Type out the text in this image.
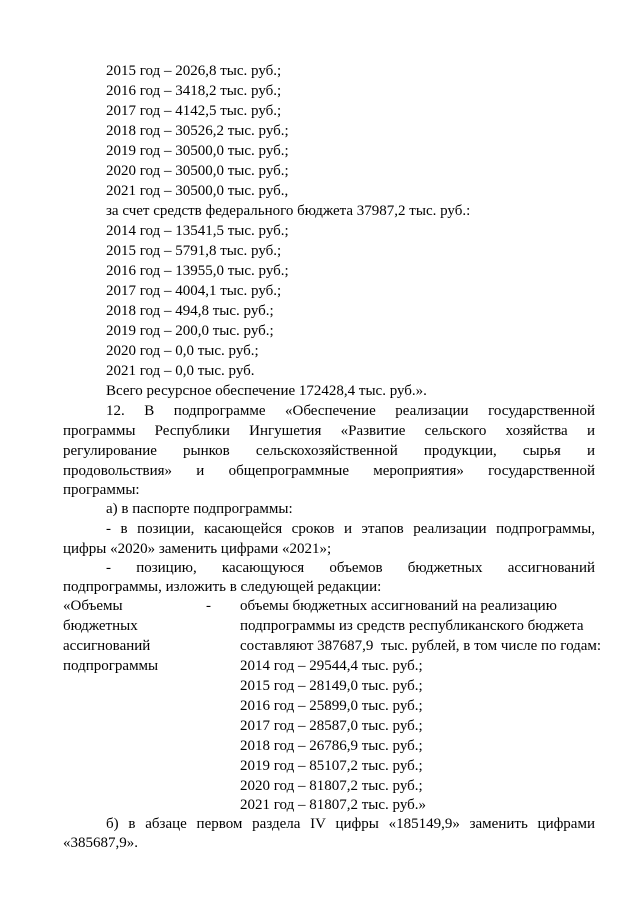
2015 год – 2026,8 тыс. руб.;
2016 год – 3418,2 тыс. руб.;
2017 год – 4142,5 тыс. руб.;
2018 год – 30526,2 тыс. руб.;
2019 год – 30500,0 тыс. руб.;
2020 год – 30500,0 тыс. руб.;
2021 год – 30500,0 тыс. руб.,
за счет средств федерального бюджета 37987,2 тыс. руб.:
2014 год – 13541,5 тыс. руб.;
2015 год – 5791,8 тыс. руб.;
2016 год – 13955,0 тыс. руб.;
2017 год – 4004,1 тыс. руб.;
2018 год – 494,8 тыс. руб.;
2019 год – 200,0 тыс. руб.;
2020 год – 0,0 тыс. руб.;
2021 год – 0,0 тыс. руб.
Всего ресурсное обеспечение 172428,4 тыс. руб.».
12. В подпрограмме «Обеспечение реализации государственной
программы Республики Ингушетия «Развитие сельского хозяйства и
регулирование рынков сельскохозяйственной продукции, сырья и
продовольствия» и общепрограммные мероприятия» государственной
программы:
а) в паспорте подпрограммы:
- в позиции, касающейся сроков и этапов реализации подпрограммы,
цифры «2020» заменить цифрами «2021»;
- позицию, касающуюся объемов бюджетных ассигнований
подпрограммы, изложить в следующей редакции:
«Объемы
бюджетных
ассигнований
подпрограммы
- объемы бюджетных ассигнований на реализацию
подпрограммы из средств республиканского бюджета
составляют 387687,9  тыс. рублей, в том числе по годам:
2014 год – 29544,4 тыс. руб.;
2015 год – 28149,0 тыс. руб.;
2016 год – 25899,0 тыс. руб.;
2017 год – 28587,0 тыс. руб.;
2018 год – 26786,9 тыс. руб.;
2019 год – 85107,2 тыс. руб.;
2020 год – 81807,2 тыс. руб.;
2021 год – 81807,2 тыс. руб.»
б) в абзаце первом раздела IV цифры «185149,9» заменить цифрами
«385687,9».
